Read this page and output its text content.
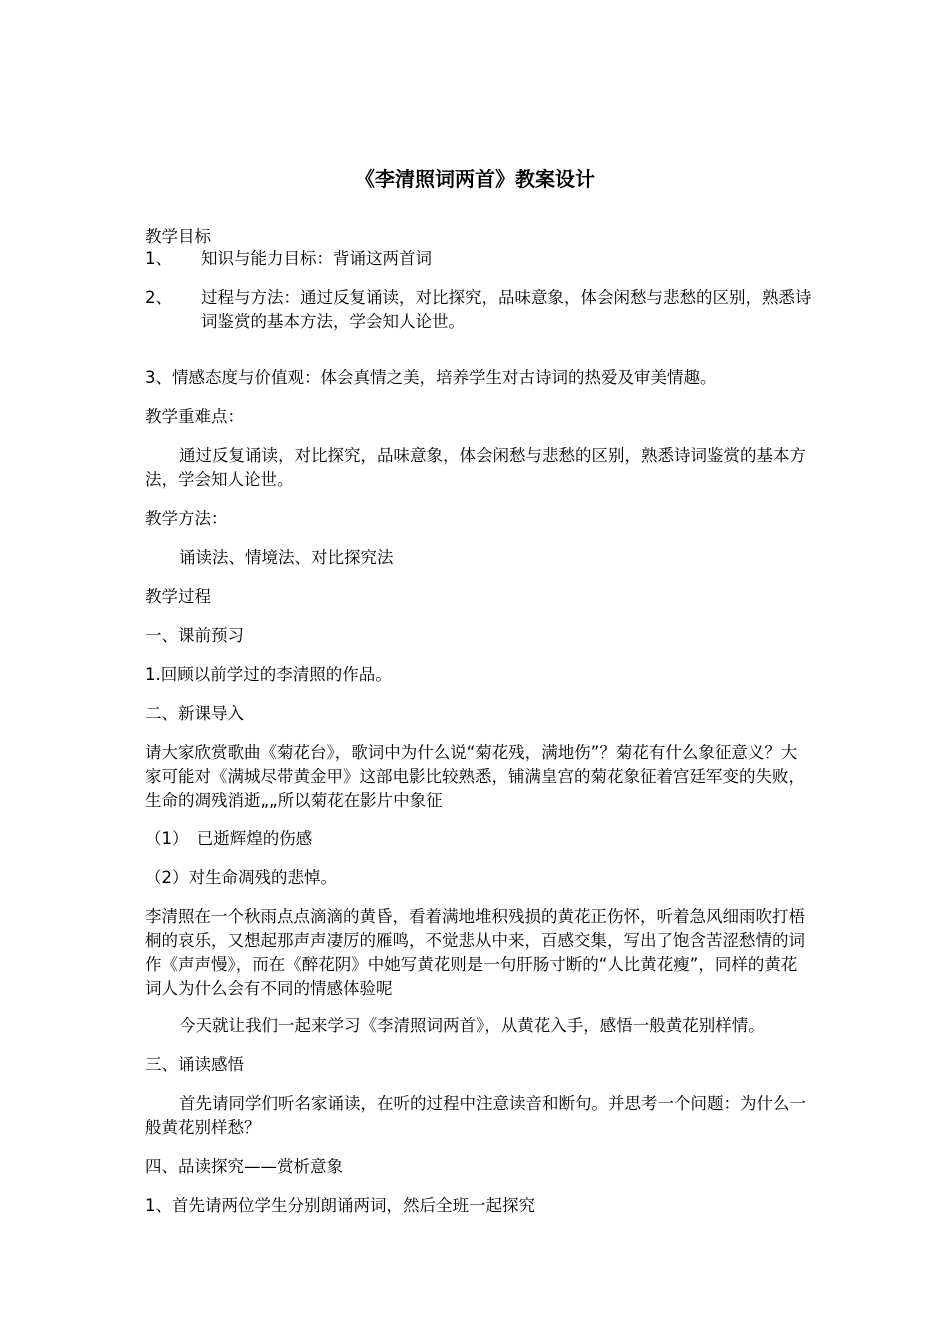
《李清照词两首》教案设计

教学目标

1、	知识与能力目标：背诵这两首词
2、	过程与方法：通过反复诵读，对比探究，品味意象，体会闲愁与悲愁的区别，熟悉诗词鉴赏的基本方法，学会知人论世。

3、情感态度与价值观：体会真情之美，培养学生对古诗词的热爱及审美情趣。

教学重难点：

通过反复诵读，对比探究，品味意象，体会闲愁与悲愁的区别，熟悉诗词鉴赏的基本方法，学会知人论世。

教学方法：

诵读法、情境法、对比探究法

教学过程

一、课前预习

1.回顾以前学过的李清照的作品。

二、新课导入

请大家欣赏歌曲《菊花台》，歌词中为什么说“菊花残，满地伤”？菊花有什么象征意义？大家可能对《满城尽带黄金甲》这部电影比较熟悉，铺满皇宫的菊花象征着宫廷军变的失败，生命的凋残消逝„„所以菊花在影片中象征

（1）　已逝辉煌的伤感

（2）对生命凋残的悲悼。

李清照在一个秋雨点点滴滴的黄昏，看着满地堆积残损的黄花正伤怀，听着急风细雨吹打梧桐的哀乐，又想起那声声凄厉的雁鸣，不觉悲从中来，百感交集，写出了饱含苦涩愁情的词作《声声慢》，而在《醉花阴》中她写黄花则是一句肝肠寸断的“人比黄花瘦”，同样的黄花词人为什么会有不同的情感体验呢

今天就让我们一起来学习《李清照词两首》，从黄花入手，感悟一般黄花别样情。

三、诵读感悟

首先请同学们听名家诵读，在听的过程中注意读音和断句。并思考一个问题：为什么一般黄花别样愁？

四、品读探究——赏析意象

1、首先请两位学生分别朗诵两词，然后全班一起探究
